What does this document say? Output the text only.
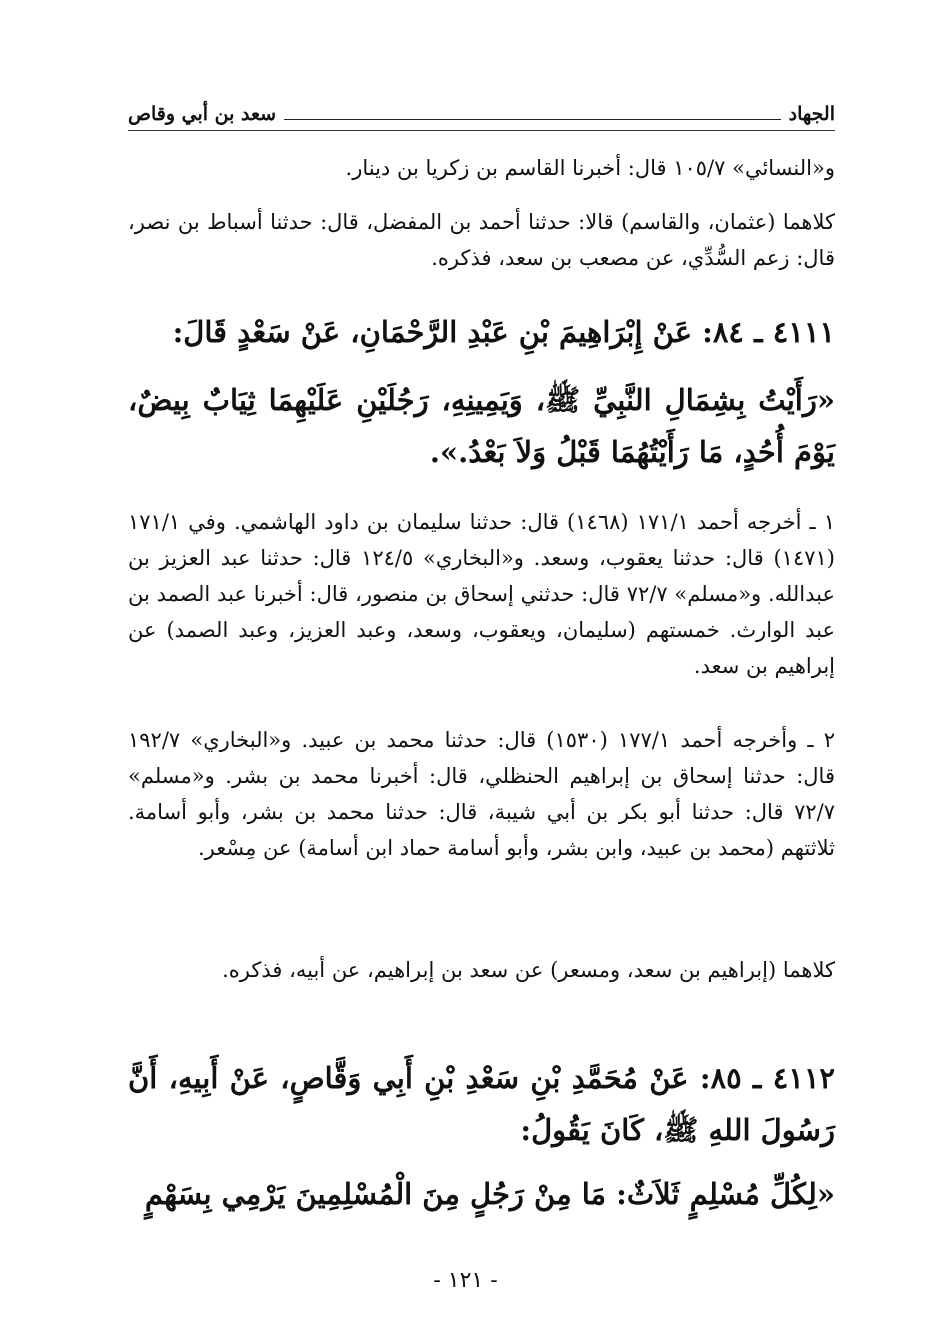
الجهاد
سعد بن أبي وقاص
و«النسائي» ١٠٥/٧ قال: أخبرنا القاسم بن زكريا بن دينار.
كلاهما (عثمان، والقاسم) قالا: حدثنا أحمد بن المفضل، قال: حدثنا أسباط بن نصر، قال: زعم السُّدِّي، عن مصعب بن سعد، فذكره.
٤١١١ ـ ٨٤: عَنْ إِبْرَاهِيمَ بْنِ عَبْدِ الرَّحْمَانِ، عَنْ سَعْدٍ قَالَ:
«رَأَيْتُ بِشِمَالِ النَّبِيِّ ﷺ، وَيَمِينِهِ، رَجُلَيْنِ عَلَيْهِمَا ثِيَابٌ بِيضٌ، يَوْمَ أُحُدٍ، مَا رَأَيْتُهُمَا قَبْلُ وَلاَ بَعْدُ.».
١ ـ أخرجه أحمد ١٧١/١ (١٤٦٨) قال: حدثنا سليمان بن داود الهاشمي. وفي ١٧١/١ (١٤٧١) قال: حدثنا يعقوب، وسعد. و«البخاري» ١٢٤/٥ قال: حدثنا عبد العزيز بن عبدالله. و«مسلم» ٧٢/٧ قال: حدثني إسحاق بن منصور، قال: أخبرنا عبد الصمد بن عبد الوارث. خمستهم (سليمان، ويعقوب، وسعد، وعبد العزيز، وعبد الصمد) عن إبراهيم بن سعد.
٢ ـ وأخرجه أحمد ١٧٧/١ (١٥٣٠) قال: حدثنا محمد بن عبيد. و«البخاري» ١٩٢/٧ قال: حدثنا إسحاق بن إبراهيم الحنظلي، قال: أخبرنا محمد بن بشر. و«مسلم» ٧٢/٧ قال: حدثنا أبو بكر بن أبي شيبة، قال: حدثنا محمد بن بشر، وأبو أسامة. ثلاثتهم (محمد بن عبيد، وابن بشر، وأبو أسامة حماد ابن أسامة) عن مِسْعر.
كلاهما (إبراهيم بن سعد، ومسعر) عن سعد بن إبراهيم، عن أبيه، فذكره.
٤١١٢ ـ ٨٥: عَنْ مُحَمَّدِ بْنِ سَعْدِ بْنِ أَبِي وَقَّاصٍ، عَنْ أَبِيهِ، أَنَّ رَسُولَ اللهِ ﷺ، كَانَ يَقُولُ:
«لِكُلِّ مُسْلِمٍ ثَلاَثٌ: مَا مِنْ رَجُلٍ مِنَ الْمُسْلِمِينَ يَرْمِي بِسَهْمٍ
- ١٢١ -
